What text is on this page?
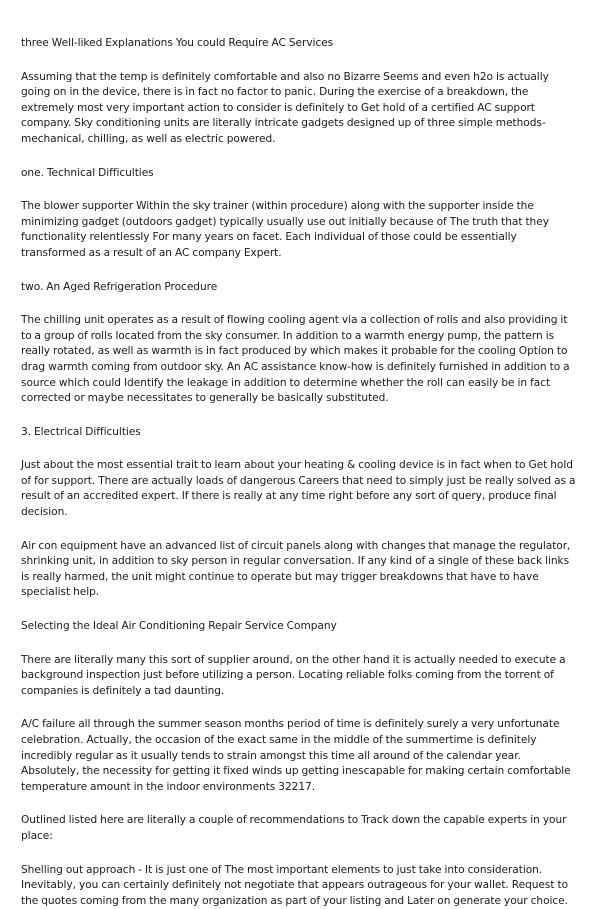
three Well-liked Explanations You could Require AC Services
Assuming that the temp is definitely comfortable and also no Bizarre Seems and even h2o is actually going on in the device, there is in fact no factor to panic. During the exercise of a breakdown, the extremely most very important action to consider is definitely to Get hold of a certified AC support company. Sky conditioning units are literally intricate gadgets designed up of three simple methods-mechanical, chilling, as well as electric powered.
one. Technical Difficulties
The blower supporter Within the sky trainer (within procedure) along with the supporter inside the minimizing gadget (outdoors gadget) typically usually use out initially because of The truth that they functionality relentlessly For many years on facet. Each individual of those could be essentially transformed as a result of an AC company Expert.
two. An Aged Refrigeration Procedure
The chilling unit operates as a result of flowing cooling agent via a collection of rolls and also providing it to a group of rolls located from the sky consumer. In addition to a warmth energy pump, the pattern is really rotated, as well as warmth is in fact produced by which makes it probable for the cooling Option to drag warmth coming from outdoor sky. An AC assistance know-how is definitely furnished in addition to a source which could Identify the leakage in addition to determine whether the roll can easily be in fact corrected or maybe necessitates to generally be basically substituted.
3. Electrical Difficulties
Just about the most essential trait to learn about your heating & cooling device is in fact when to Get hold of for support. There are actually loads of dangerous Careers that need to simply just be really solved as a result of an accredited expert. If there is really at any time right before any sort of query, produce final decision.
Air con equipment have an advanced list of circuit panels along with changes that manage the regulator, shrinking unit, in addition to sky person in regular conversation. If any kind of a single of these back links is really harmed, the unit might continue to operate but may trigger breakdowns that have to have specialist help.
Selecting the Ideal Air Conditioning Repair Service Company
There are literally many this sort of supplier around, on the other hand it is actually needed to execute a background inspection just before utilizing a person. Locating reliable folks coming from the torrent of companies is definitely a tad daunting.
A/C failure all through the summer season months period of time is definitely surely a very unfortunate celebration. Actually, the occasion of the exact same in the middle of the summertime is definitely incredibly regular as it usually tends to strain amongst this time all around of the calendar year. Absolutely, the necessity for getting it fixed winds up getting inescapable for making certain comfortable temperature amount in the indoor environments 32217.
Outlined listed here are literally a couple of recommendations to Track down the capable experts in your place:
Shelling out approach - It is just one of The most important elements to just take into consideration. Inevitably, you can certainly definitely not negotiate that appears outrageous for your wallet. Request to the quotes coming from the many organization as part of your listing and Later on generate your choice.
